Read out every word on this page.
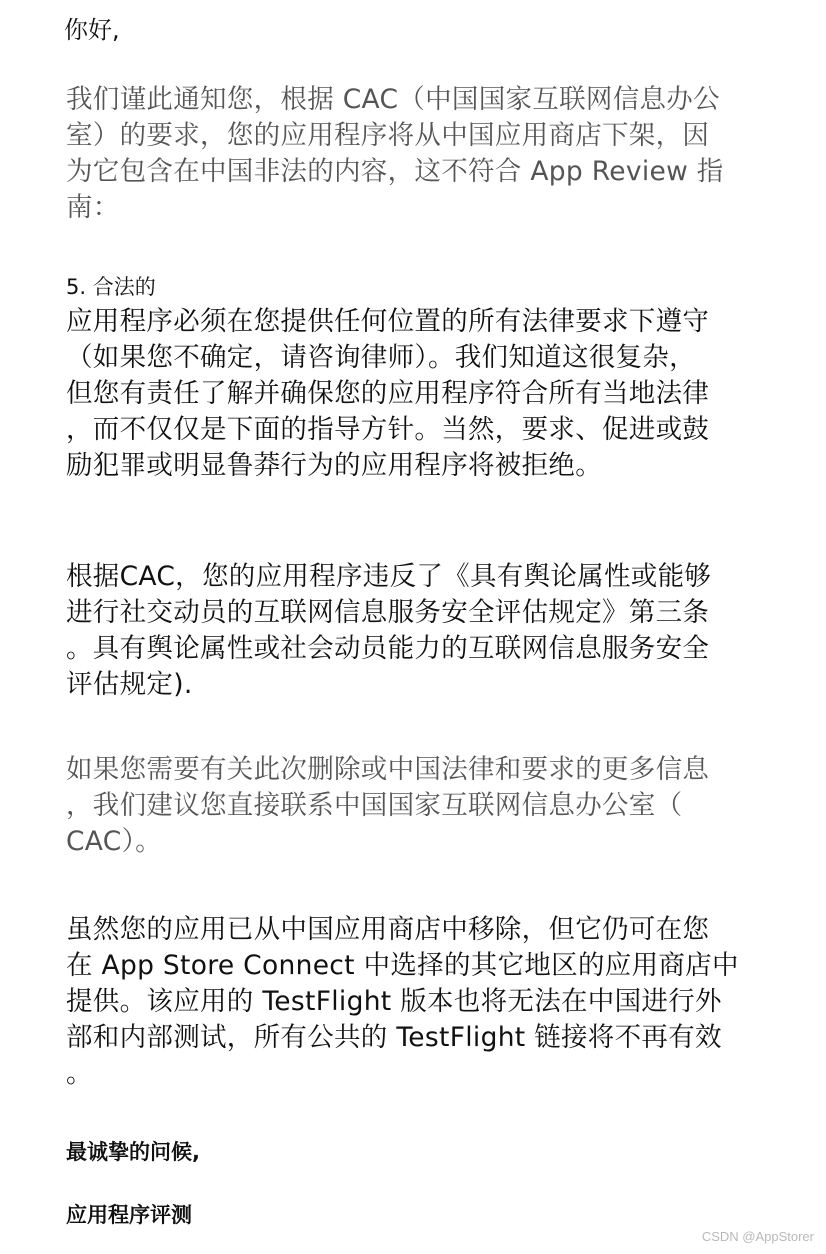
你好,
我们谨此通知您，根据 CAC（中国国家互联网信息办公
室）的要求，您的应用程序将从中国应用商店下架，因
为它包含在中国非法的内容，这不符合 App Review 指
南：
5. 合法的
应用程序必须在您提供任何位置的所有法律要求下遵守
（如果您不确定，请咨询律师）。我们知道这很复杂，
但您有责任了解并确保您的应用程序符合所有当地法律
，而不仅仅是下面的指导方针。当然，要求、促进或鼓
励犯罪或明显鲁莽行为的应用程序将被拒绝。
根据CAC，您的应用程序违反了《具有舆论属性或能够
进行社交动员的互联网信息服务安全评估规定》第三条
。具有舆论属性或社会动员能力的互联网信息服务安全
评估规定).
如果您需要有关此次删除或中国法律和要求的更多信息
，我们建议您直接联系中国国家互联网信息办公室（
CAC）。
虽然您的应用已从中国应用商店中移除，但它仍可在您
在 App Store Connect 中选择的其它地区的应用商店中
提供。该应用的 TestFlight 版本也将无法在中国进行外
部和内部测试，所有公共的 TestFlight 链接将不再有效
。
最诚挚的问候,
应用程序评测
CSDN @AppStorer
